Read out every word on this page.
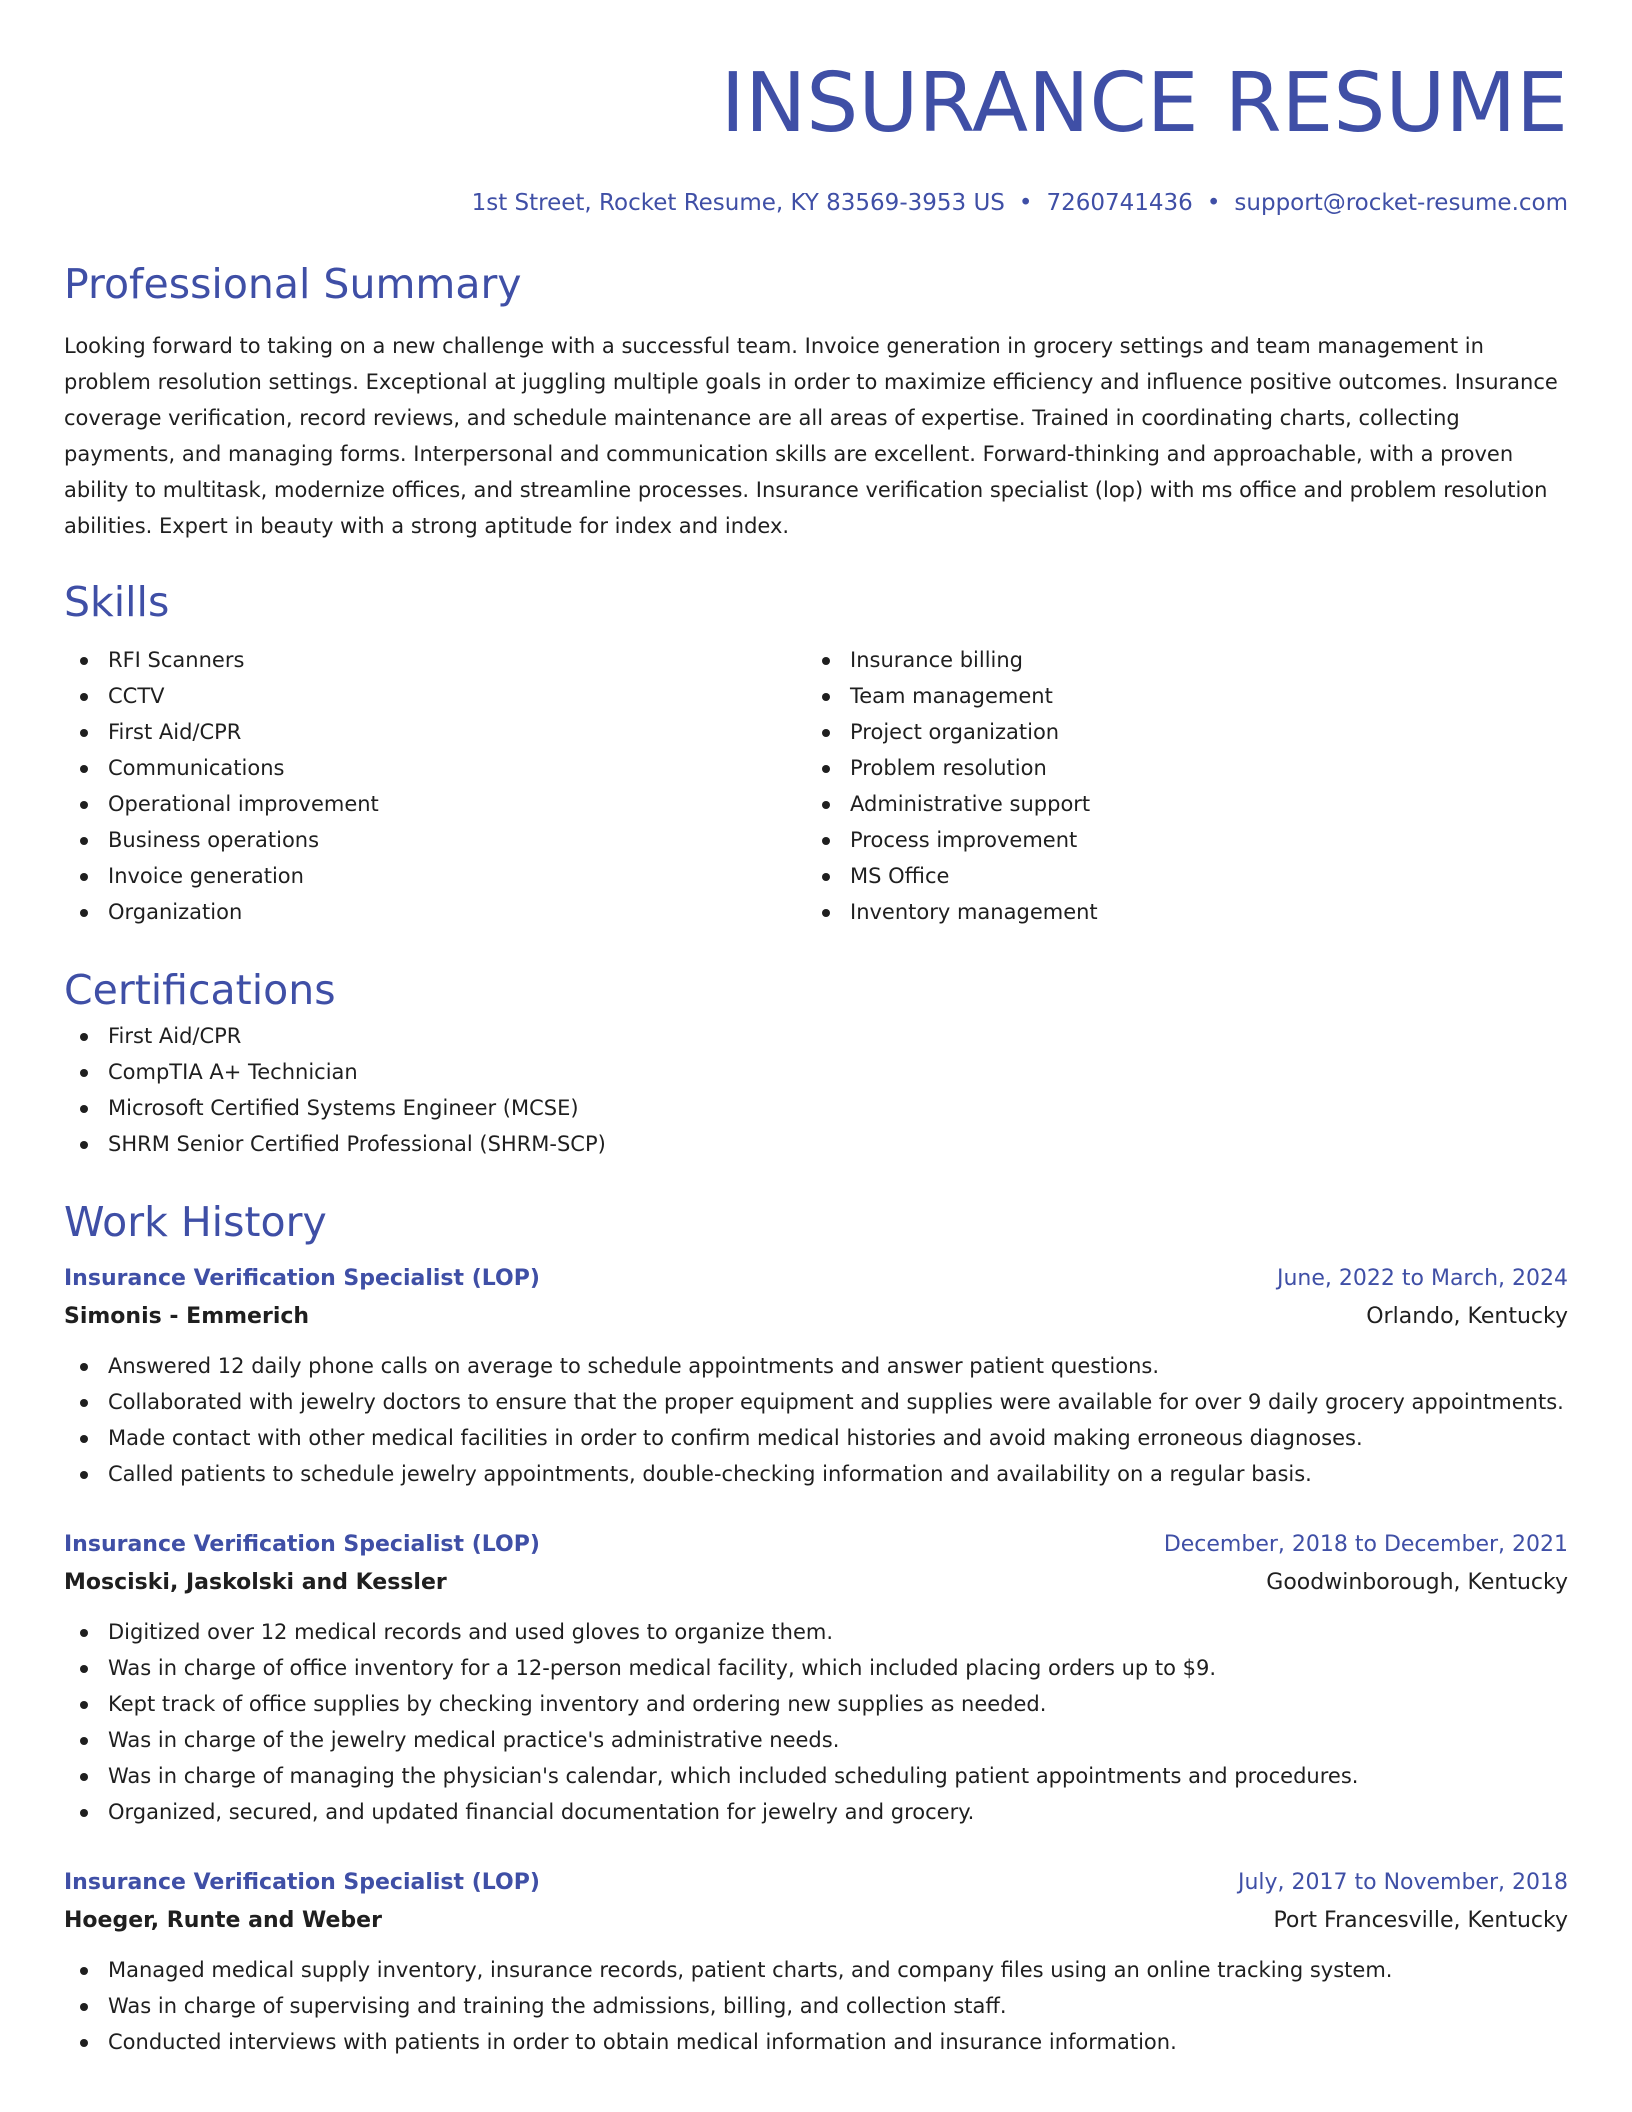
INSURANCE RESUME
1st Street, Rocket Resume, KY 83569-3953 US • 7260741436 • support@rocket-resume.com
Professional Summary

Looking forward to taking on a new challenge with a successful team. Invoice generation in grocery settings and team management in problem resolution settings. Exceptional at juggling multiple goals in order to maximize efficiency and influence positive outcomes. Insurance coverage verification, record reviews, and schedule maintenance are all areas of expertise. Trained in coordinating charts, collecting payments, and managing forms. Interpersonal and communication skills are excellent. Forward-thinking and approachable, with a proven ability to multitask, modernize offices, and streamline processes. Insurance verification specialist (lop) with ms office and problem resolution abilities. Expert in beauty with a strong aptitude for index and index.

Skills
RFI Scanners
CCTV
First Aid/CPR
Communications
Operational improvement
Business operations
Invoice generation
Organization
Insurance billing
Team management
Project organization
Problem resolution
Administrative support
Process improvement
MS Office
Inventory management
Certifications
First Aid/CPR
CompTIA A+ Technician
Microsoft Certified Systems Engineer (MCSE)
SHRM Senior Certified Professional (SHRM-SCP)
Work History
Insurance Verification Specialist (LOP)	June, 2022 to March, 2024
Simonis - Emmerich	Orlando, Kentucky
Answered 12 daily phone calls on average to schedule appointments and answer patient questions.
Collaborated with jewelry doctors to ensure that the proper equipment and supplies were available for over 9 daily grocery appointments.
Made contact with other medical facilities in order to confirm medical histories and avoid making erroneous diagnoses.
Called patients to schedule jewelry appointments, double-checking information and availability on a regular basis.
Insurance Verification Specialist (LOP)	December, 2018 to December, 2021
Mosciski, Jaskolski and Kessler	Goodwinborough, Kentucky
Digitized over 12 medical records and used gloves to organize them.
Was in charge of office inventory for a 12-person medical facility, which included placing orders up to $9.
Kept track of office supplies by checking inventory and ordering new supplies as needed.
Was in charge of the jewelry medical practice's administrative needs.
Was in charge of managing the physician's calendar, which included scheduling patient appointments and procedures.
Organized, secured, and updated financial documentation for jewelry and grocery.
Insurance Verification Specialist (LOP)	July, 2017 to November, 2018
Hoeger, Runte and Weber	Port Francesville, Kentucky
Managed medical supply inventory, insurance records, patient charts, and company files using an online tracking system.
Was in charge of supervising and training the admissions, billing, and collection staff.
Conducted interviews with patients in order to obtain medical information and insurance information.
